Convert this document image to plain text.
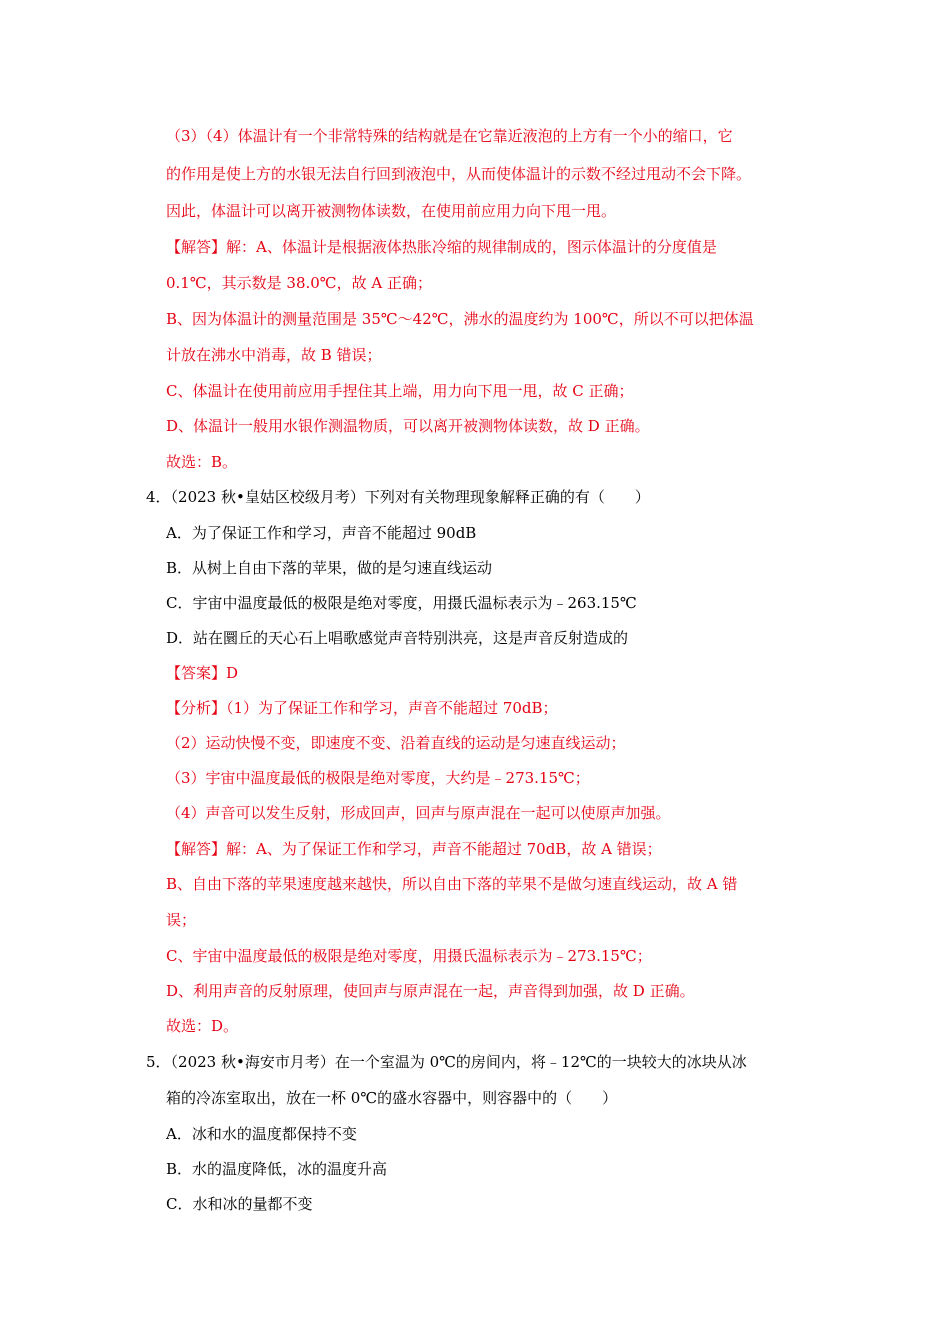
（3）（4）体温计有一个非常特殊的结构就是在它靠近液泡的上方有一个小的缩口，它
的作用是使上方的水银无法自行回到液泡中，从而使体温计的示数不经过甩动不会下降。
因此，体温计可以离开被测物体读数，在使用前应用力向下甩一甩。
【解答】解：A、体温计是根据液体热胀冷缩的规律制成的，图示体温计的分度值是
0.1℃，其示数是 38.0℃，故 A 正确；
B、因为体温计的测量范围是 35℃～42℃，沸水的温度约为 100℃，所以不可以把体温
计放在沸水中消毒，故 B 错误；
C、体温计在使用前应用手捏住其上端，用力向下甩一甩，故 C 正确；
D、体温计一般用水银作测温物质，可以离开被测物体读数，故 D 正确。
故选：B。
4．（2023 秋•皇姑区校级月考）下列对有关物理现象解释正确的有（　　）
A．为了保证工作和学习，声音不能超过 90dB
B．从树上自由下落的苹果，做的是匀速直线运动
C．宇宙中温度最低的极限是绝对零度，用摄氏温标表示为﹣263.15℃
D．站在圜丘的天心石上唱歌感觉声音特别洪亮，这是声音反射造成的
【答案】D
【分析】（1）为了保证工作和学习，声音不能超过 70dB；
（2）运动快慢不变，即速度不变、沿着直线的运动是匀速直线运动；
（3）宇宙中温度最低的极限是绝对零度，大约是﹣273.15℃；
（4）声音可以发生反射，形成回声，回声与原声混在一起可以使原声加强。
【解答】解：A、为了保证工作和学习，声音不能超过 70dB，故 A 错误；
B、自由下落的苹果速度越来越快，所以自由下落的苹果不是做匀速直线运动，故 A 错
误；
C、宇宙中温度最低的极限是绝对零度，用摄氏温标表示为﹣273.15℃；
D、利用声音的反射原理，使回声与原声混在一起，声音得到加强，故 D 正确。
故选：D。
5．（2023 秋•海安市月考）在一个室温为 0℃的房间内，将﹣12℃的一块较大的冰块从冰
箱的冷冻室取出，放在一杯 0℃的盛水容器中，则容器中的（　　）
A．冰和水的温度都保持不变
B．水的温度降低，冰的温度升高
C．水和冰的量都不变
